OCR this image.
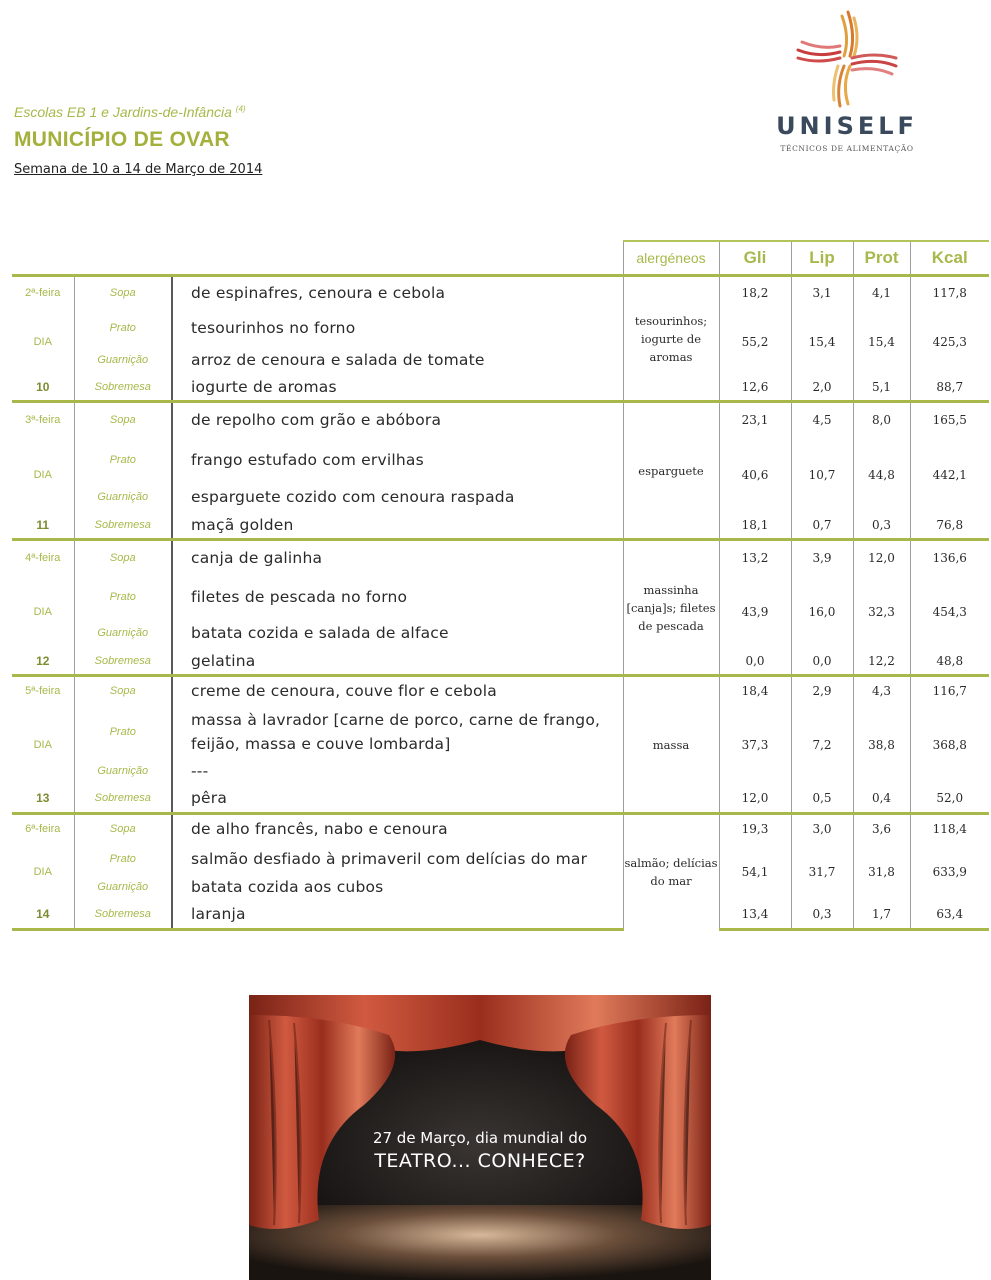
Escolas EB 1 e Jardins-de-Infância $^{(4)}$
MUNICÍPIO DE OVAR
Semana de 10 a 14 de Março de 2014
UNISELF
TÉCNICOS DE ALIMENTAÇÃO
			alergéneos	Gli	Lip	Prot	Kcal
2ª-feira	Sopa	de espinafres, cenoura e cebola	tesourinhos; iogurte de aromas	18,2	3,1	4,1	117,8
DIA	Prato	tesourinhos no forno		55,2	15,4	15,4	425,3
	Guarnição	arroz de cenoura e salada de tomate					
10	Sobremesa	iogurte de aromas		12,6	2,0	5,1	88,7
3ª-feira	Sopa	de repolho com grão e abóbora	esparguete	23,1	4,5	8,0	165,5
DIA	Prato	frango estufado com ervilhas		40,6	10,7	44,8	442,1
	Guarnição	esparguete cozido com cenoura raspada					
11	Sobremesa	maçã golden		18,1	0,7	0,3	76,8
4ª-feira	Sopa	canja de galinha	massinha [canja]s; filetes de pescada	13,2	3,9	12,0	136,6
DIA	Prato	filetes de pescada no forno		43,9	16,0	32,3	454,3
	Guarnição	batata cozida e salada de alface					
12	Sobremesa	gelatina		0,0	0,0	12,2	48,8
5ª-feira	Sopa	creme de cenoura, couve flor e cebola	massa	18,4	2,9	4,3	116,7
DIA	Prato	massa à lavrador [carne de porco, carne de frango, feijão, massa e couve lombarda]		37,3	7,2	38,8	368,8
	Guarnição	---					
13	Sobremesa	pêra		12,0	0,5	0,4	52,0
6ª-feira	Sopa	de alho francês, nabo e cenoura	salmão; delícias do mar	19,3	3,0	3,6	118,4
DIA	Prato	salmão desfiado à primaveril com delícias do mar		54,1	31,7	31,8	633,9
	Guarnição	batata cozida aos cubos					
14	Sobremesa	laranja		13,4	0,3	1,7	63,4
27 de Março, dia mundial do
TEATRO... CONHECE?
